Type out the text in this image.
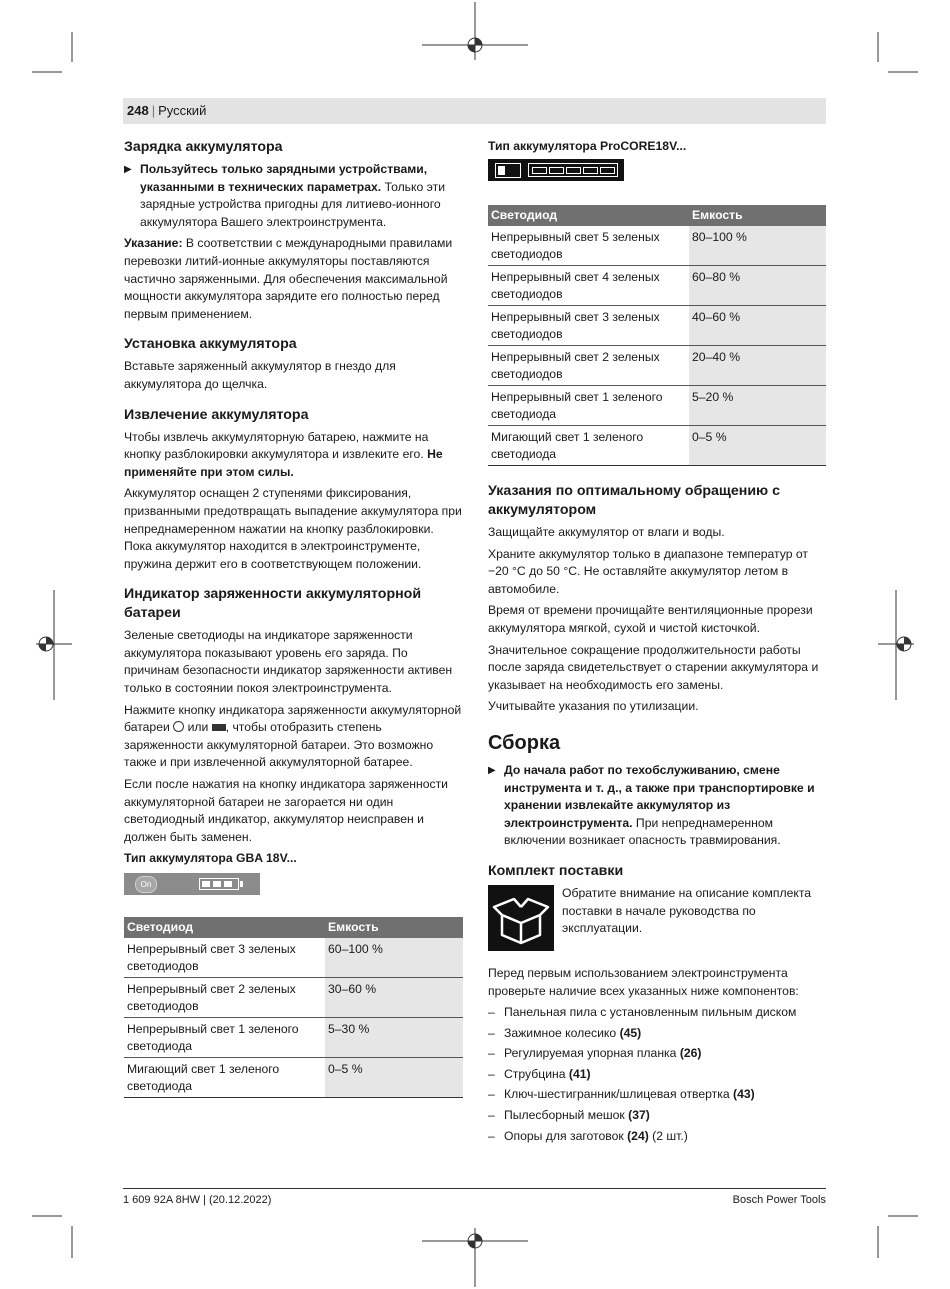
248 | Русский
Зарядка аккумулятора

▶ Пользуйтесь только зарядными устройствами, указанными в технических параметрах. Только эти зарядные устройства пригодны для литиево-ионного аккумулятора Вашего электроинструмента.

Указание: В соответствии с международными правилами перевозки литий-ионные аккумуляторы поставляются частично заряженными. Для обеспечения максимальной мощности аккумулятора зарядите его полностью перед первым применением.

Установка аккумулятора

Вставьте заряженный аккумулятор в гнездо для аккумулятора до щелчка.

Извлечение аккумулятора

Чтобы извлечь аккумуляторную батарею, нажмите на кнопку разблокировки аккумулятора и извлеките его. Не применяйте при этом силы.

Аккумулятор оснащен 2 ступенями фиксирования, призванными предотвращать выпадение аккумулятора при непреднамеренном нажатии на кнопку разблокировки. Пока аккумулятор находится в электроинструменте, пружина держит его в соответствующем положении.

Индикатор заряженности аккумуляторной батареи

Зеленые светодиоды на индикаторе заряженности аккумулятора показывают уровень его заряда. По причинам безопасности индикатор заряженности активен только в состоянии покоя электроинструмента.

Нажмите кнопку индикатора заряженности аккумуляторной батареи  или , чтобы отобразить степень заряженности аккумуляторной батареи. Это возможно также и при извлеченной аккумуляторной батарее.

Если после нажатия на кнопку индикатора заряженности аккумуляторной батареи не загорается ни один светодиодный индикатор, аккумулятор неисправен и должен быть заменен.

Тип аккумулятора GBA 18V...
On
Светодиод	Емкость
Непрерывный свет 3 зеленых светодиодов	60–100 %
Непрерывный свет 2 зеленых светодиодов	30–60 %
Непрерывный свет 1 зеленого светодиода	5–30 %
Мигающий свет 1 зеленого светодиода	0–5 %
Тип аккумулятора ProCORE18V...
Светодиод	Емкость
Непрерывный свет 5 зеленых светодиодов	80–100 %
Непрерывный свет 4 зеленых светодиодов	60–80 %
Непрерывный свет 3 зеленых светодиодов	40–60 %
Непрерывный свет 2 зеленых светодиодов	20–40 %
Непрерывный свет 1 зеленого светодиода	5–20 %
Мигающий свет 1 зеленого светодиода	0–5 %
Указания по оптимальному обращению с аккумулятором

Защищайте аккумулятор от влаги и воды.

Храните аккумулятор только в диапазоне температур от −20 °C до 50 °C. Не оставляйте аккумулятор летом в автомобиле.

Время от времени прочищайте вентиляционные прорези аккумулятора мягкой, сухой и чистой кисточкой.

Значительное сокращение продолжительности работы после заряда свидетельствует о старении аккумулятора и указывает на необходимость его замены.

Учитывайте указания по утилизации.

Сборка

▶ До начала работ по техобслуживанию, смене инструмента и т. д., а также при транспортировке и хранении извлекайте аккумулятор из электроинструмента. При непреднамеренном включении возникает опасность травмирования.

Комплект поставки

Обратите внимание на описание комплекта поставки в начале руководства по эксплуатации.

Перед первым использованием электроинструмента проверьте наличие всех указанных ниже компонентов:

– Панельная пила с установленным пильным диском
– Зажимное колесико (45)
– Регулируемая упорная планка (26)
– Струбцина (41)
– Ключ-шестигранник/шлицевая отвертка (43)
– Пылесборный мешок (37)
– Опоры для заготовок (24) (2 шт.)
1 609 92A 8HW | (20.12.2022)	Bosch Power Tools
